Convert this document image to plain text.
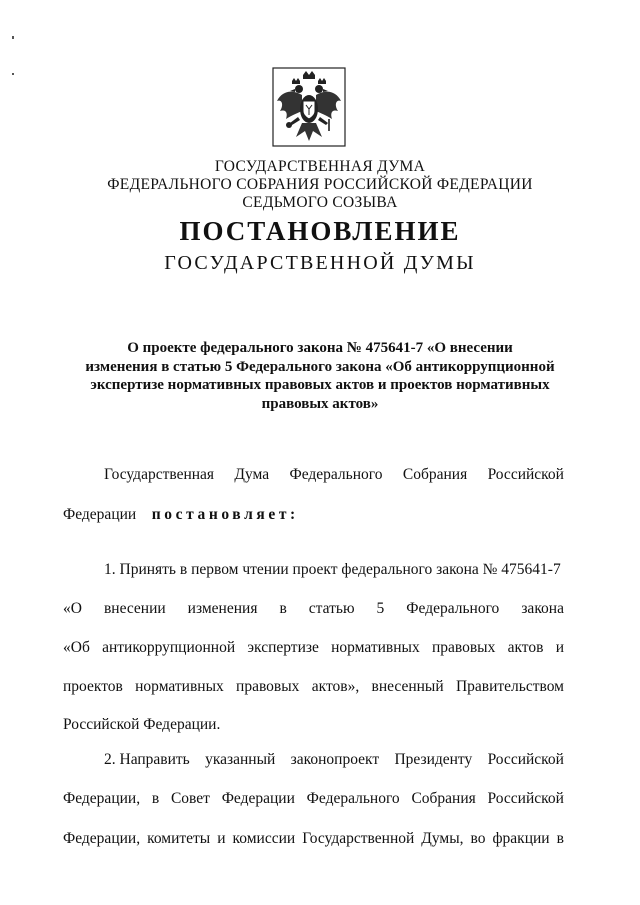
ГОСУДАРСТВЕННАЯ ДУМА
ФЕДЕРАЛЬНОГО СОБРАНИЯ РОССИЙСКОЙ ФЕДЕРАЦИИ
СЕДЬМОГО СОЗЫВА
ПОСТАНОВЛЕНИЕ
ГОСУДАРСТВЕННОЙ ДУМЫ
О проекте федерального закона № 475641-7 «О внесении
изменения в статью 5 Федерального закона «Об антикоррупционной
экспертизе нормативных правовых актов и проектов нормативных
правовых актов»
Государственная Дума Федерального Собрания Российской
Федерации постановляет:
1. Принять в первом чтении проект федерального закона № 475641-7
«О внесении изменения в статью 5 Федерального закона
«Об антикоррупционной экспертизе нормативных правовых актов и
проектов нормативных правовых актов», внесенный Правительством
Российской Федерации.
2. Направить указанный законопроект Президенту Российской
Федерации, в Совет Федерации Федерального Собрания Российской
Федерации, комитеты и комиссии Государственной Думы, во фракции в
